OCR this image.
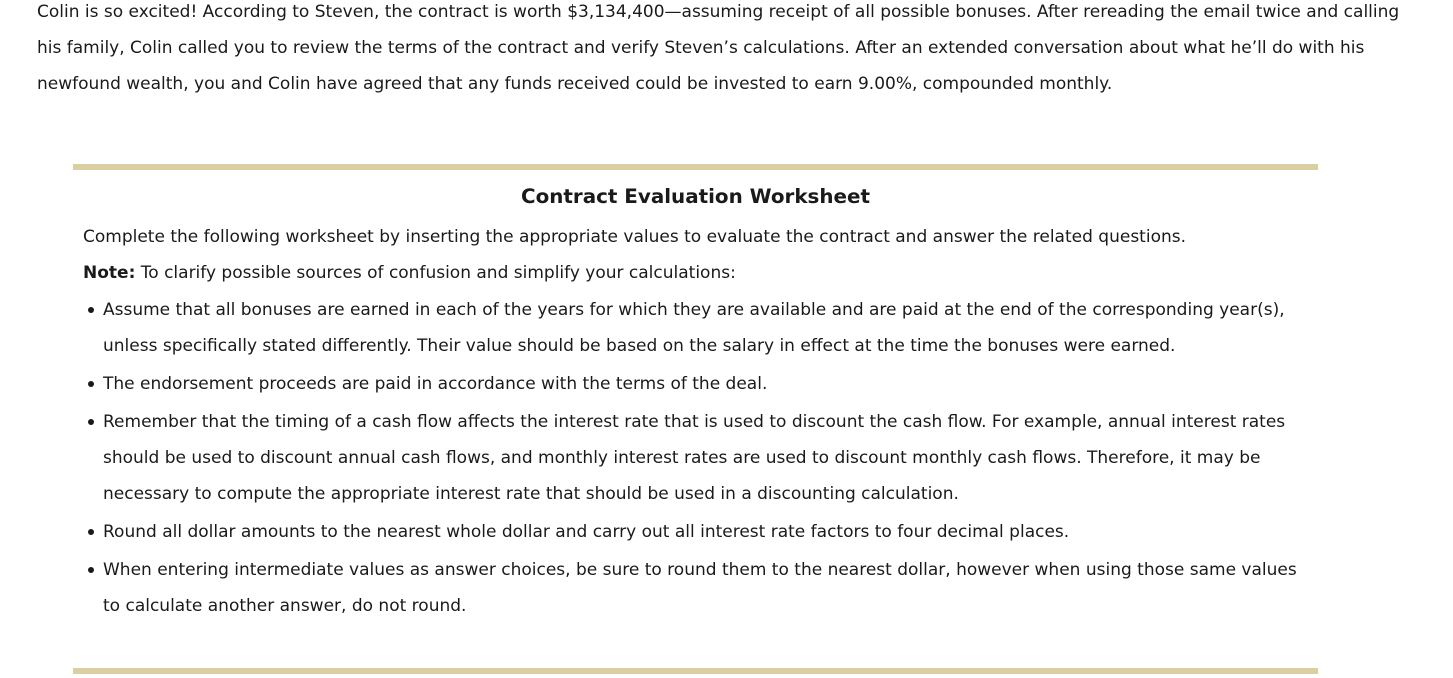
Colin is so excited! According to Steven, the contract is worth $3,134,400—assuming receipt of all possible bonuses. After rereading the email twice and calling his family, Colin called you to review the terms of the contract and verify Steven’s calculations. After an extended conversation about what he’ll do with his newfound wealth, you and Colin have agreed that any funds received could be invested to earn 9.00%, compounded monthly.

Contract Evaluation Worksheet

Complete the following worksheet by inserting the appropriate values to evaluate the contract and answer the related questions.

Note: To clarify possible sources of confusion and simplify your calculations:

Assume that all bonuses are earned in each of the years for which they are available and are paid at the end of the corresponding year(s), unless specifically stated differently. Their value should be based on the salary in effect at the time the bonuses were earned.
The endorsement proceeds are paid in accordance with the terms of the deal.
Remember that the timing of a cash flow affects the interest rate that is used to discount the cash flow. For example, annual interest rates should be used to discount annual cash flows, and monthly interest rates are used to discount monthly cash flows. Therefore, it may be necessary to compute the appropriate interest rate that should be used in a discounting calculation.
Round all dollar amounts to the nearest whole dollar and carry out all interest rate factors to four decimal places.
When entering intermediate values as answer choices, be sure to round them to the nearest dollar, however when using those same values to calculate another answer, do not round.
